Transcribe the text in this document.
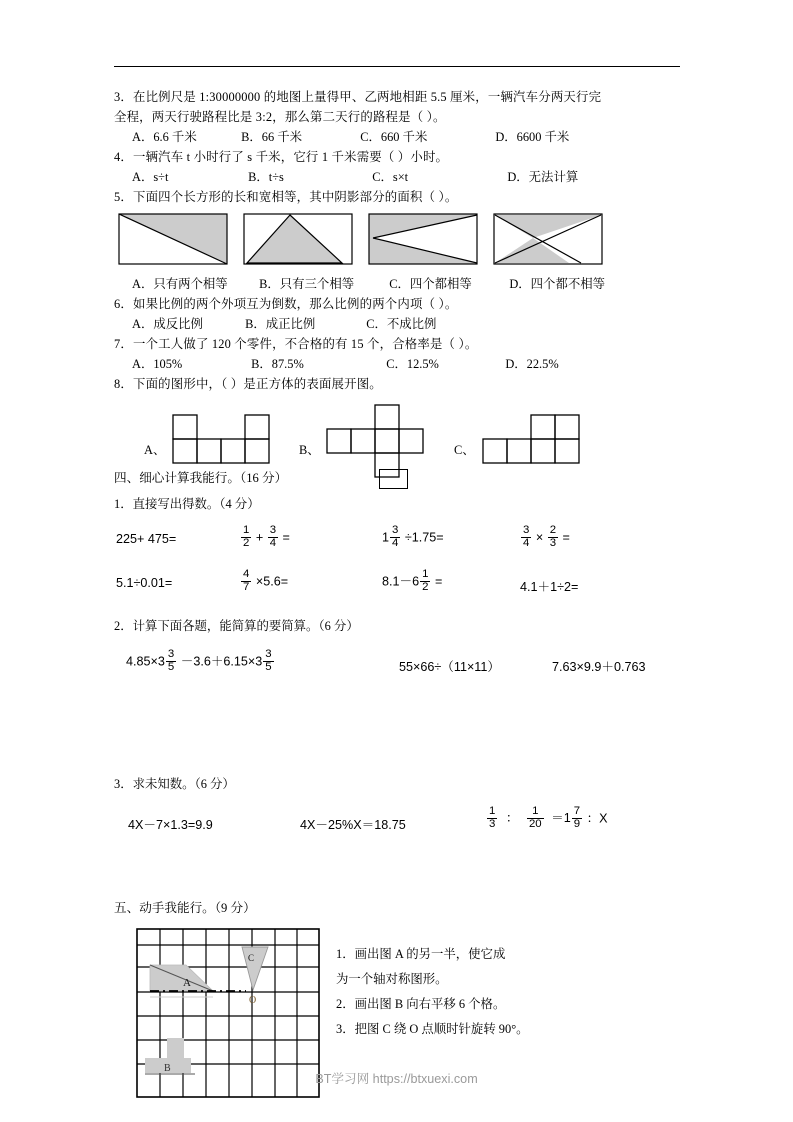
3．在比例尺是 1:30000000 的地图上量得甲、乙两地相距 5.5 厘米，一辆汽车分两天行完
全程，两天行驶路程比是 3:2，那么第二天行的路程是（ ）。
A．6.6 千米	B．66 千米	C．660 千米	D．6600 千米
4．一辆汽车 t 小时行了 s 千米，它行 1 千米需要（ ）小时。
A．s÷t	B．t÷s	C．s×t	D．无法计算
5．下面四个长方形的长和宽相等，其中阴影部分的面积（ ）。
A．只有两个相等	B．只有三个相等	C．四个都相等	D．四个都不相等
6．如果比例的两个外项互为倒数，那么比例的两个内项（ ）。
A．成反比例	B．成正比例	C．不成比例
7．一个工人做了 120 个零件，不合格的有 15 个，合格率是（ ）。
A．105%	B．87.5%	C．12.5%	D．22.5%
8．下面的图形中，（ ）是正方体的表面展开图。
A、	B、	C、
四、细心计算我能行。（16 分）
1．直接写出得数。（4 分）
225+ 475=	$\frac{1}{2} + \frac{3}{4}$ =	$1 \frac{3}{4} \div 1.75=$	$\frac{3}{4} \times \frac{2}{3}$ =
5.1÷0.01=	$\frac{4}{7} \times 5.6=$	$8.1-6 \frac{1}{2}$ =	4.1＋1÷2=
2．计算下面各题，能简算的要简算。（6 分）
$4.85\times 3 \frac{3}{5} -3.6+6.15\times 3 \frac{3}{5}$	55×66÷（11×11）	7.63×9.9＋0.763
3．求未知数。（6 分）
4X－7×1.3=9.9	4X－25%X＝18.75	$\frac{1}{3}$ ： $\frac{1}{20} =1 \frac{7}{9}$ ：X
五、动手我能行。（9 分）
A
C
O
B

1．画出图 A 的另一半，使它成

为一个轴对称图形。

2．画出图 B 向右平移 6 个格。

3．把图 C 绕 O 点顺时针旋转 90°。

BT学习网 https://btxuexi.com
